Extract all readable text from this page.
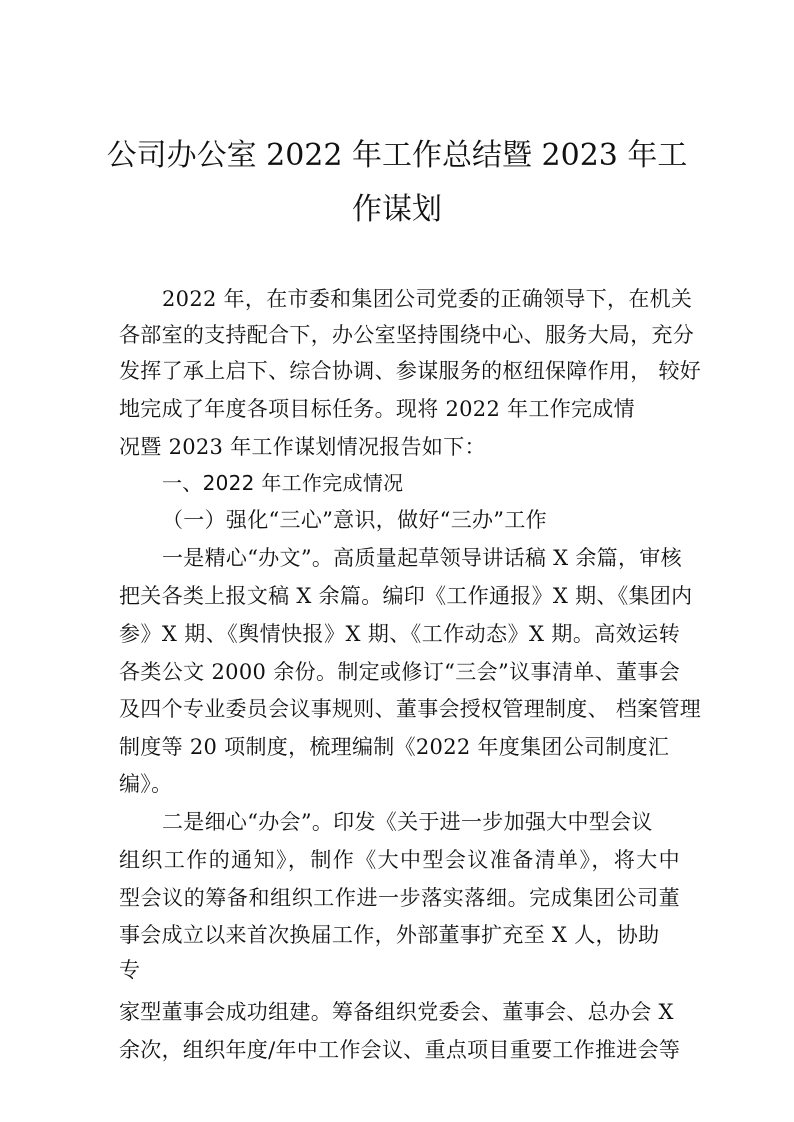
公司办公室 2022 年工作总结暨 2023 年工
作谋划
2022 年，在市委和集团公司党委的正确领导下，在机关
各部室的支持配合下，办公室坚持围绕中心、服务大局，充分
发挥了承上启下、综合协调、参谋服务的枢纽保障作用， 较好
地完成了年度各项目标任务。现将 2022 年工作完成情
况暨 2023 年工作谋划情况报告如下：
一、2022 年工作完成情况
（一）强化“三心”意识，做好“三办”工作
一是精心“办文”。高质量起草领导讲话稿 X 余篇，审核
把关各类上报文稿 X 余篇。编印《工作通报》X 期、《集团内
参》X 期、《舆情快报》X 期、《工作动态》X 期。高效运转
各类公文 2000 余份。制定或修订“三会”议事清单、董事会
及四个专业委员会议事规则、董事会授权管理制度、 档案管理
制度等 20 项制度，梳理编制《2022 年度集团公司制度汇
编》。
二是细心“办会”。印发《关于进一步加强大中型会议
组织工作的通知》，制作《大中型会议准备清单》，将大中
型会议的筹备和组织工作进一步落实落细。完成集团公司董
事会成立以来首次换届工作，外部董事扩充至 X 人，协助
专
家型董事会成功组建。筹备组织党委会、董事会、总办会 X
余次，组织年度/年中工作会议、重点项目重要工作推进会等
